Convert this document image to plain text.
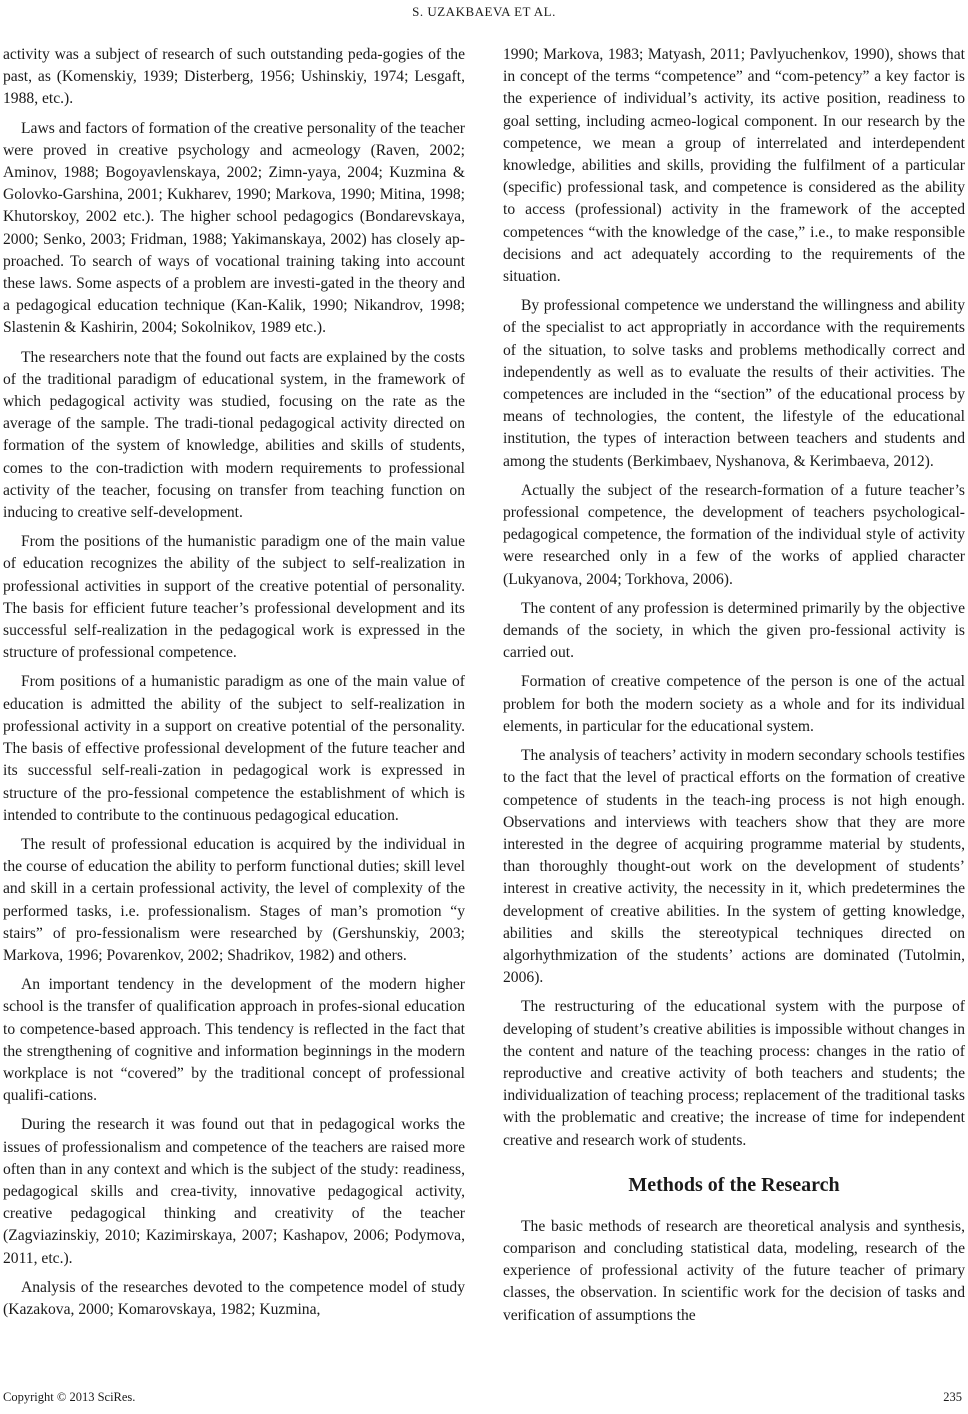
S. UZAKBAEVA ET AL.

activity was a subject of research of such outstanding peda-gogies of the past, as (Komenskiy, 1939; Disterberg, 1956; Ushinskiy, 1974; Lesgaft, 1988, etc.).

Laws and factors of formation of the creative personality of the teacher were proved in creative psychology and acmeology (Raven, 2002; Aminov, 1988; Bogoyavlenskaya, 2002; Zimn-yaya, 2004; Kuzmina & Golovko-Garshina, 2001; Kukharev, 1990; Markova, 1990; Mitina, 1998; Khutorskoy, 2002 etc.). The higher school pedagogics (Bondarevskaya, 2000; Senko, 2003; Fridman, 1988; Yakimanskaya, 2002) has closely ap-proached. To search of ways of vocational training taking into account these laws. Some aspects of a problem are investi-gated in the theory and a pedagogical education technique (Kan-Kalik, 1990; Nikandrov, 1998; Slastenin & Kashirin, 2004; Sokolnikov, 1989 etc.).

The researchers note that the found out facts are explained by the costs of the traditional paradigm of educational system, in the framework of which pedagogical activity was studied, focusing on the rate as the average of the sample. The tradi-tional pedagogical activity directed on formation of the system of knowledge, abilities and skills of students, comes to the con-tradiction with modern requirements to professional activity of the teacher, focusing on transfer from teaching function on inducing to creative self-development.

From the positions of the humanistic paradigm one of the main value of education recognizes the ability of the subject to self-realization in professional activities in support of the creative potential of personality. The basis for efficient future teacher’s professional development and its successful self-realization in the pedagogical work is expressed in the structure of professional competence.

From positions of a humanistic paradigm as one of the main value of education is admitted the ability of the subject to self-realization in professional activity in a support on creative potential of the personality. The basis of effective professional development of the future teacher and its successful self-reali-zation in pedagogical work is expressed in structure of the pro-fessional competence the establishment of which is intended to contribute to the continuous pedagogical education.

The result of professional education is acquired by the individual in the course of education the ability to perform functional duties; skill level and skill in a certain professional activity, the level of complexity of the performed tasks, i.e. professionalism. Stages of man’s promotion “y stairs” of pro-fessionalism were researched by (Gershunskiy, 2003; Markova, 1996; Povarenkov, 2002; Shadrikov, 1982) and others.

An important tendency in the development of the modern higher school is the transfer of qualification approach in profes-sional education to competence-based approach. This tendency is reflected in the fact that the strengthening of cognitive and information beginnings in the modern workplace is not “covered” by the traditional concept of professional qualifi-cations.

During the research it was found out that in pedagogical works the issues of professionalism and competence of the teachers are raised more often than in any context and which is the subject of the study: readiness, pedagogical skills and crea-tivity, innovative pedagogical activity, creative pedagogical thinking and creativity of the teacher (Zagviazinskiy, 2010; Kazimirskaya, 2007; Kashapov, 2006; Podymova, 2011, etc.).

Analysis of the researches devoted to the competence model of study (Kazakova, 2000; Komarovskaya, 1982; Kuzmina,

1990; Markova, 1983; Matyash, 2011; Pavlyuchenkov, 1990), shows that in concept of the terms “competence” and “com-petency” a key factor is the experience of individual’s activity, its active position, readiness to goal setting, including acmeo-logical component. In our research by the competence, we mean a group of interrelated and interdependent knowledge, abilities and skills, providing the fulfilment of a particular (specific) professional task, and competence is considered as the ability to access (professional) activity in the framework of the accepted competences “with the knowledge of the case,” i.e., to make responsible decisions and act adequately according to the requirements of the situation.

By professional competence we understand the willingness and ability of the specialist to act appropriatly in accordance with the requirements of the situation, to solve tasks and problems methodically correct and independently as well as to evaluate the results of their activities. The competences are included in the “section” of the educational process by means of technologies, the content, the lifestyle of the educational institution, the types of interaction between teachers and students and among the students (Berkimbaev, Nyshanova, & Kerimbaeva, 2012).

Actually the subject of the research-formation of a future teacher’s professional competence, the development of teachers psychological-pedagogical competence, the formation of the individual style of activity were researched only in a few of the works of applied character (Lukyanova, 2004; Torkhova, 2006).

The content of any profession is determined primarily by the objective demands of the society, in which the given pro-fessional activity is carried out.

Formation of creative competence of the person is one of the actual problem for both the modern society as a whole and for its individual elements, in particular for the educational system.

The analysis of teachers’ activity in modern secondary schools testifies to the fact that the level of practical efforts on the formation of creative competence of students in the teach-ing process is not high enough. Observations and interviews with teachers show that they are more interested in the degree of acquiring programme material by students, than thoroughly thought-out work on the development of students’ interest in creative activity, the necessity in it, which predetermines the development of creative abilities. In the system of getting knowledge, abilities and skills the stereotypical techniques directed on algorhythmization of the students’ actions are dominated (Tutolmin, 2006).

The restructuring of the educational system with the purpose of developing of student’s creative abilities is impossible without changes in the content and nature of the teaching process: changes in the ratio of reproductive and creative activity of both teachers and students; the individualization of teaching process; replacement of the traditional tasks with the problematic and creative; the increase of time for independent creative and research work of students.

Methods of the Research

The basic methods of research are theoretical analysis and synthesis, comparison and concluding statistical data, modeling, research of the experience of professional activity of the future teacher of primary classes, the observation. In scientific work for the decision of tasks and verification of assumptions the

Copyright © 2013 SciRes.	235
